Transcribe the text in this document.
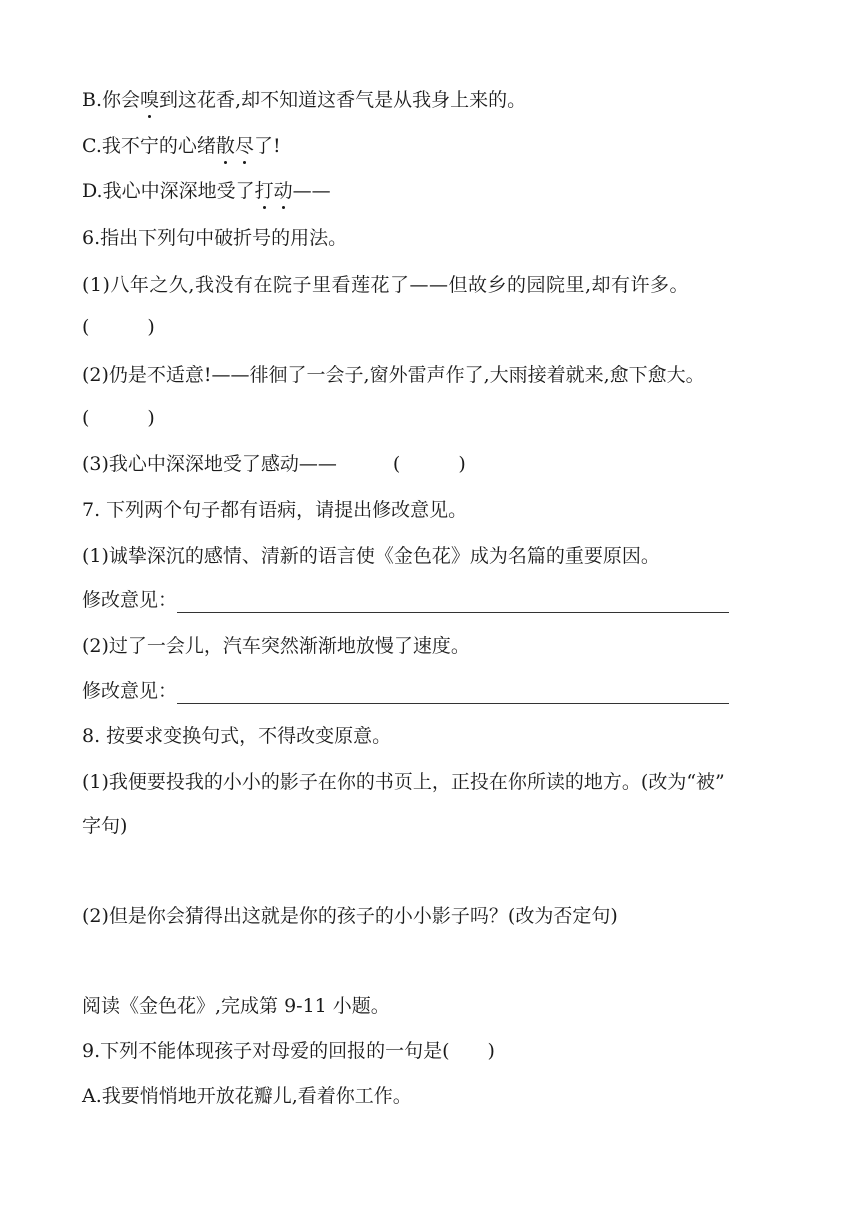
B.你会嗅到这花香,却不知道这香气是从我身上来的。

C.我不宁的心绪散尽了!

D.我心中深深地受了打动——

6.指出下列句中破折号的用法。

(1)八年之久,我没有在院子里看莲花了——但故乡的园院里,却有许多。

(	)

(2)仍是不适意!——徘徊了一会子,窗外雷声作了,大雨接着就来,愈下愈大。

(	)

(3)我心中深深地受了感动——	(	)

7. 下列两个句子都有语病，请提出修改意见。

(1)诚挚深沉的感情、清新的语言使《金色花》成为名篇的重要原因。

修改意见：

(2)过了一会儿，汽车突然渐渐地放慢了速度。

修改意见：

8. 按要求变换句式，不得改变原意。

(1)我便要投我的小小的影子在你的书页上，正投在你所读的地方。(改为“被”

字句)

(2)但是你会猜得出这就是你的孩子的小小影子吗？(改为否定句)

阅读《金色花》,完成第 9-11 小题。

9.下列不能体现孩子对母爱的回报的一句是(　　)

A.我要悄悄地开放花瓣儿,看着你工作。
